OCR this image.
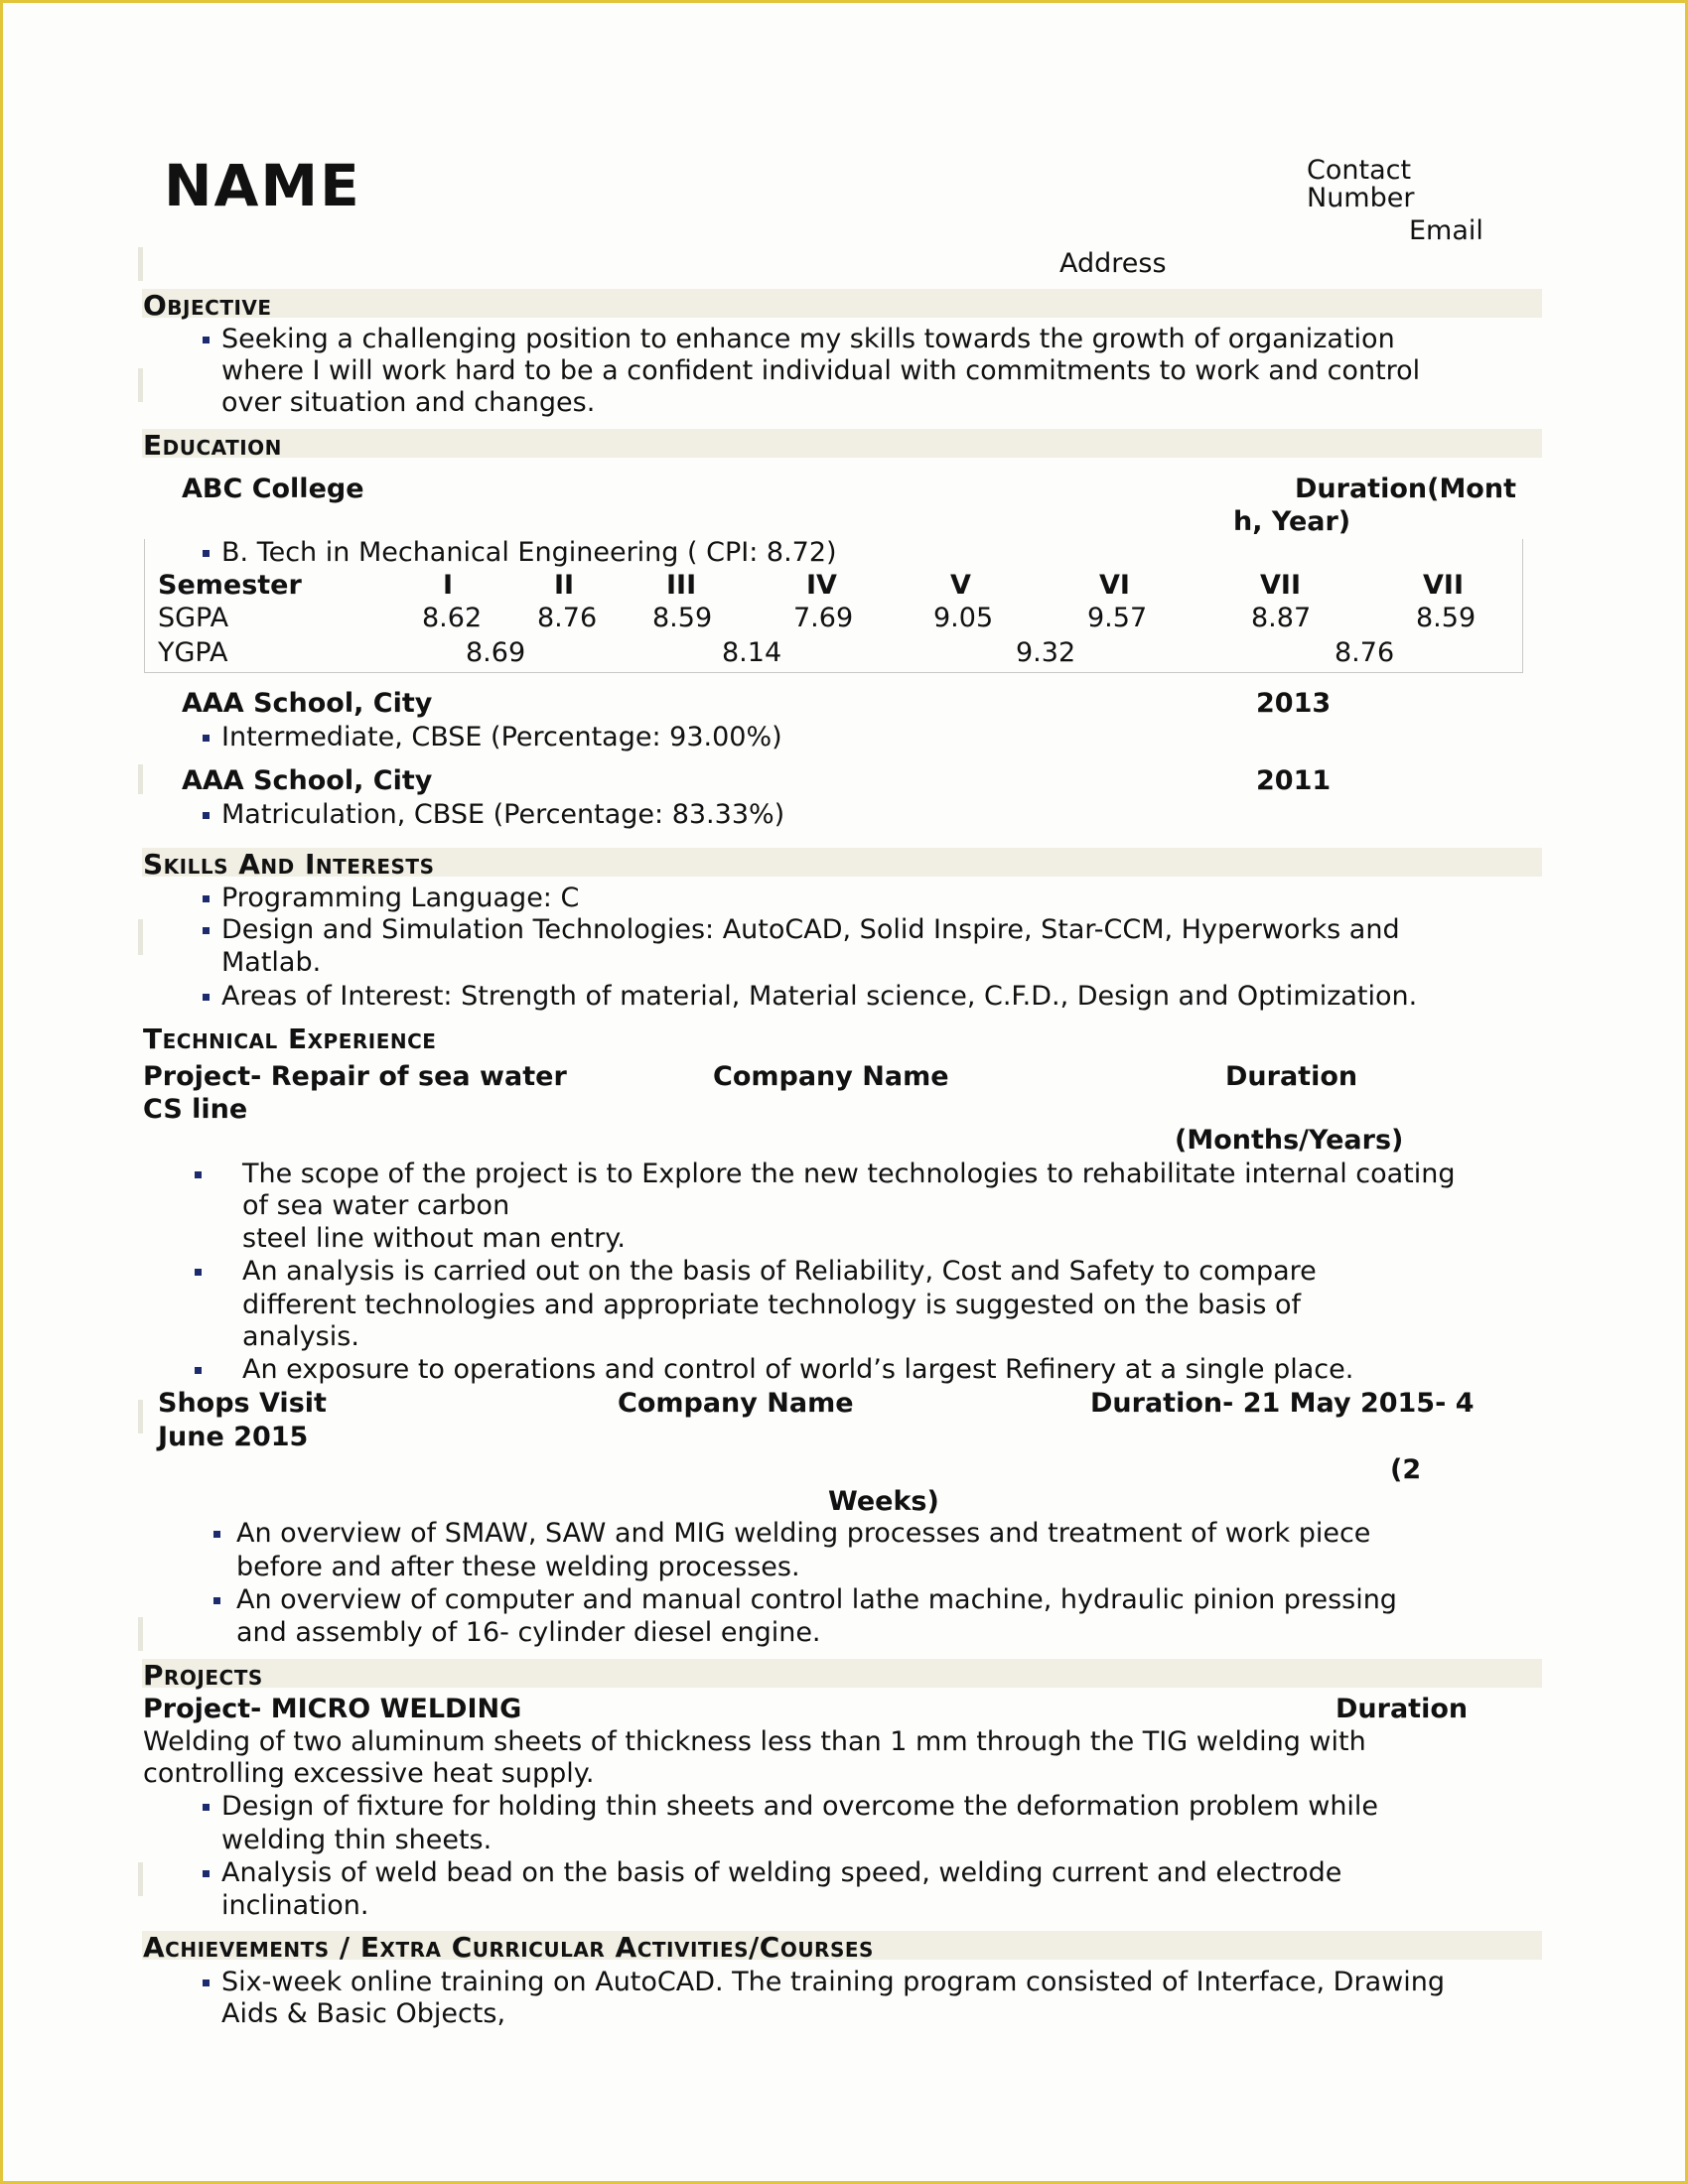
NAME	Contact
Number
Email
Address
Objective
Seeking a challenging position to enhance my skills towards the growth of organization
where I will work hard to be a confident individual with commitments to work and control
over situation and changes.
Education
ABC College	Duration(Mont
h, Year)
B. Tech in Mechanical Engineering ( CPI: 8.72)
Semester	I	II	III	IV	V	VI	VII	VII
SGPA	8.62 8.76 8.59	7.69	9.05	9.57	8.87	8.59
YGPA	8.69	8.14	9.32	8.76
AAA School, City	2013
Intermediate, CBSE (Percentage: 93.00%)
AAA School, City	2011
Matriculation, CBSE (Percentage: 83.33%)
Skills And Interests
Programming Language: C
Design and Simulation Technologies: AutoCAD, Solid Inspire, Star-CCM, Hyperworks and
Matlab.
Areas of Interest: Strength of material, Material science, C.F.D., Design and Optimization.
Technical Experience
Project- Repair of sea water
CS line
Company Name	Duration
(Months/Years)
The scope of the project is to Explore the new technologies to rehabilitate internal coating
of sea water carbon
steel line without man entry.
An analysis is carried out on the basis of Reliability, Cost and Safety to compare
different technologies and appropriate technology is suggested on the basis of
analysis.
An exposure to operations and control of world’s largest Refinery at a single place.
Shops Visit	Company Name	Duration- 21 May 2015- 4
June 2015
(2
Weeks)
An overview of SMAW, SAW and MIG welding processes and treatment of work piece
before and after these welding processes.
An overview of computer and manual control lathe machine, hydraulic pinion pressing
and assembly of 16- cylinder diesel engine.
Projects
Project- MICRO WELDING	Duration
Welding of two aluminum sheets of thickness less than 1 mm through the TIG welding with
controlling excessive heat supply.
Design of fixture for holding thin sheets and overcome the deformation problem while
welding thin sheets.
Analysis of weld bead on the basis of welding speed, welding current and electrode
inclination.
Achievements / Extra Curricular Activities/Courses
Six-week online training on AutoCAD. The training program consisted of Interface, Drawing
Aids & Basic Objects,
